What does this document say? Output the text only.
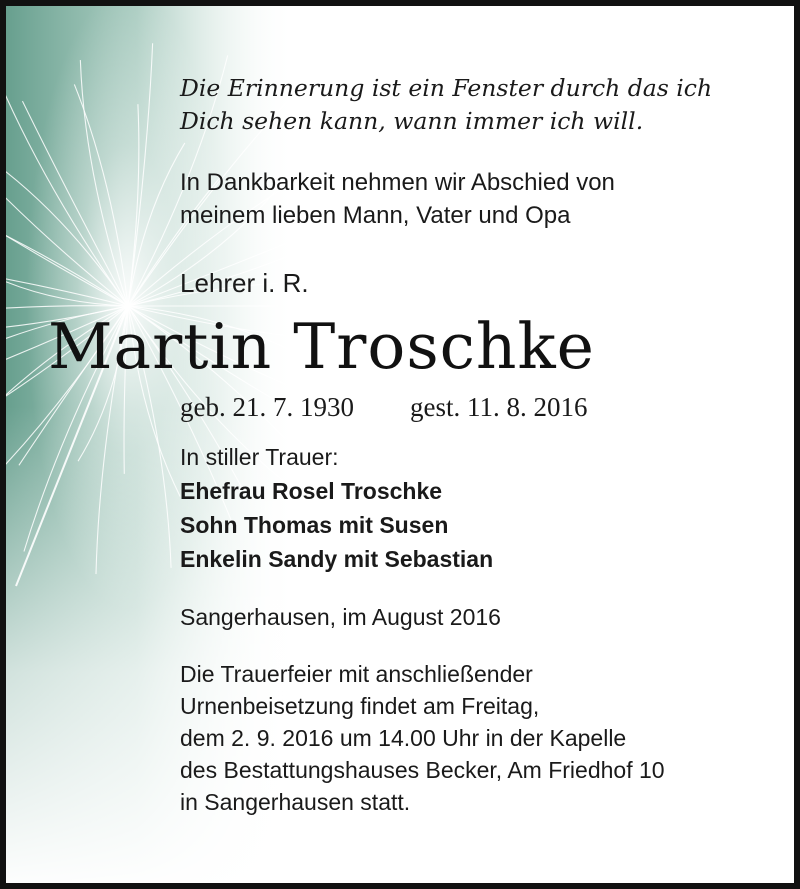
Die Erinnerung ist ein Fenster durch das ich
Dich sehen kann, wann immer ich will.
In Dankbarkeit nehmen wir Abschied von
meinem lieben Mann, Vater und Opa
Lehrer i. R.
Martin Troschke
geb. 21. 7. 1930 gest. 11. 8. 2016
In stiller Trauer:
Ehefrau Rosel Troschke
Sohn Thomas mit Susen
Enkelin Sandy mit Sebastian
Sangerhausen, im August 2016
Die Trauerfeier mit anschließender
Urnenbeisetzung findet am Freitag,
dem 2. 9. 2016 um 14.00 Uhr in der Kapelle
des Bestattungshauses Becker, Am Friedhof 10
in Sangerhausen statt.
